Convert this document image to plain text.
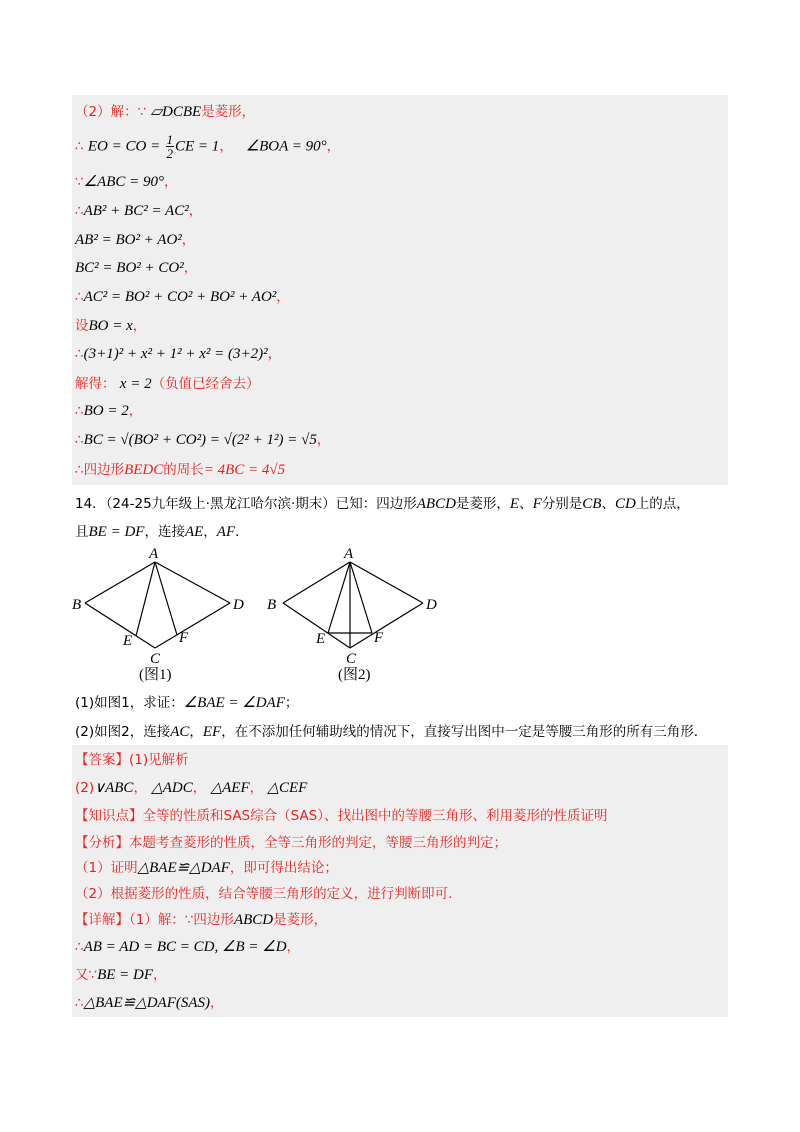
（2）解：∵ ▱DCBE是菱形，
∴ EO = CO = $\frac{1}{2}$ CE = 1， ∠BOA = 90°，
∵∠ABC = 90°，
∴AB² + BC² = AC²，
AB² = BO² + AO²，
BC² = BO² + CO²，
∴AC² = BO² + CO² + BO² + AO²，
设BO = x，
∴(3+1)² + x² + 1² + x² = (3+2)²，
解得： x = 2（负值已经舍去）
∴BO = 2，
∴BC = √(BO² + CO²) = √(2² + 1²) = √5，
∴四边形BEDC的周长= 4BC = 4√5
14．（24-25九年级上·黑龙江哈尔滨·期末）已知：四边形ABCD是菱形，E、F分别是CB、CD上的点，
且BE = DF，连接AE，AF．
A
B	D
E	F
C
(图1)
A
B	D
E	F
C
(图2)
(1)如图1，求证：∠BAE = ∠DAF；
(2)如图2，连接AC，EF，在不添加任何辅助线的情况下，直接写出图中一定是等腰三角形的所有三角形.
【答案】(1)见解析
(2)∨ABC， △ADC， △AEF， △CEF
【知识点】全等的性质和SAS综合（SAS）、找出图中的等腰三角形、利用菱形的性质证明
【分析】本题考查菱形的性质，全等三角形的判定，等腰三角形的判定；
（1）证明△BAE≌△DAF，即可得出结论；
（2）根据菱形的性质，结合等腰三角形的定义，进行判断即可.
【详解】（1）解：∵四边形ABCD是菱形，
∴AB = AD = BC = CD, ∠B = ∠D，
又∵BE = DF，
∴△BAE≌△DAF(SAS)，
